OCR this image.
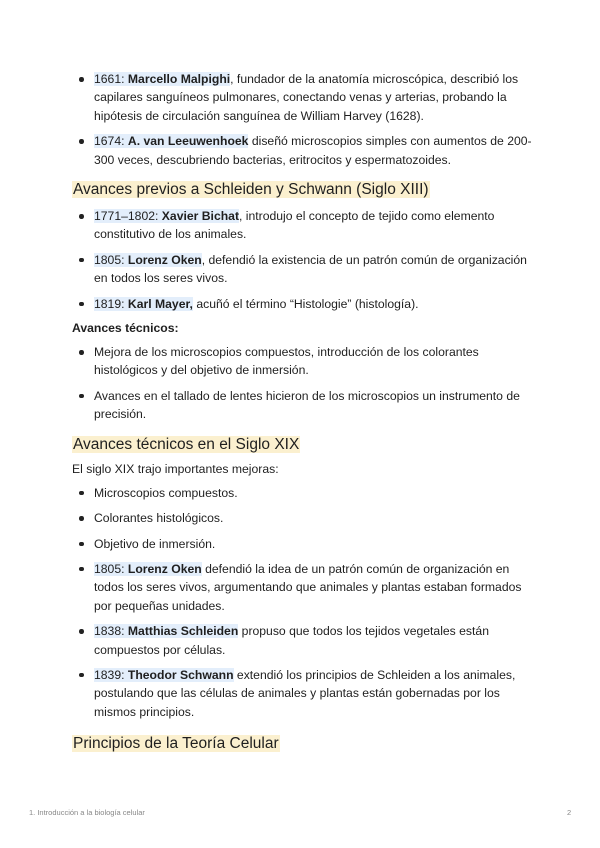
1661: Marcello Malpighi, fundador de la anatomía microscópica, describió los capilares sanguíneos pulmonares, conectando venas y arterias, probando la hipótesis de circulación sanguínea de William Harvey (1628).
1674: A. van Leeuwenhoek diseñó microscopios simples con aumentos de 200-300 veces, descubriendo bacterias, eritrocitos y espermatozoides.
Avances previos a Schleiden y Schwann (Siglo XIII)
1771–1802: Xavier Bichat, introdujo el concepto de tejido como elemento constitutivo de los animales.
1805: Lorenz Oken, defendió la existencia de un patrón común de organización en todos los seres vivos.
1819: Karl Mayer, acuñó el término “Histologie” (histología).

Avances técnicos:

Mejora de los microscopios compuestos, introducción de los colorantes histológicos y del objetivo de inmersión.
Avances en el tallado de lentes hicieron de los microscopios un instrumento de precisión.
Avances técnicos en el Siglo XIX

El siglo XIX trajo importantes mejoras:

Microscopios compuestos.
Colorantes histológicos.
Objetivo de inmersión.
1805: Lorenz Oken defendió la idea de un patrón común de organización en todos los seres vivos, argumentando que animales y plantas estaban formados por pequeñas unidades.
1838: Matthias Schleiden propuso que todos los tejidos vegetales están compuestos por células.
1839: Theodor Schwann extendió los principios de Schleiden a los animales, postulando que las células de animales y plantas están gobernadas por los mismos principios.
Principios de la Teoría Celular
1. Introducción a la biología celular	2
